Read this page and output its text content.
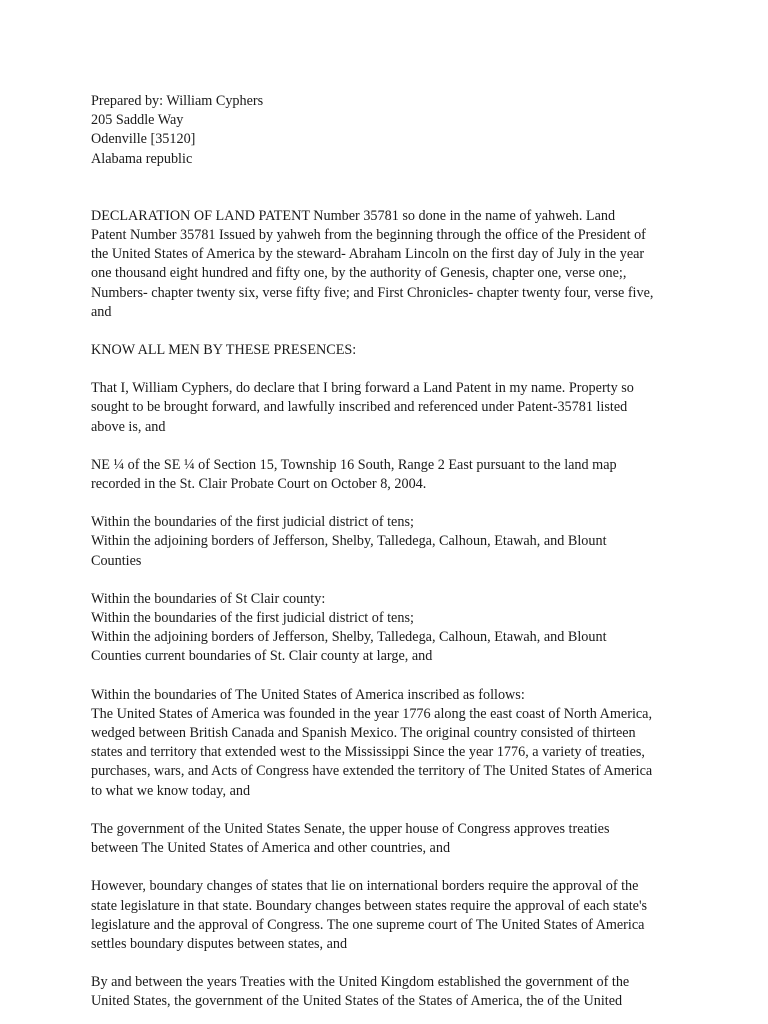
Prepared by: William Cyphers
205 Saddle Way
Odenville [35120]
Alabama republic

DECLARATION OF LAND PATENT Number 35781 so done in the name of yahweh. Land
Patent Number 35781 Issued by yahweh from the beginning through the office of the President of
the United States of America by the steward- Abraham Lincoln on the first day of July in the year
one thousand eight hundred and fifty one, by the authority of Genesis, chapter one, verse one;,
Numbers- chapter twenty six, verse fifty five; and First Chronicles- chapter twenty four, verse five,
and

KNOW ALL MEN BY THESE PRESENCES:

That I, William Cyphers, do declare that I bring forward a Land Patent in my name. Property so
sought to be brought forward, and lawfully inscribed and referenced under Patent-35781 listed
above is, and

NE ¼ of the SE ¼ of Section 15, Township 16 South, Range 2 East pursuant to the land map
recorded in the St. Clair Probate Court on October 8, 2004.

Within the boundaries of the first judicial district of tens;
Within the adjoining borders of Jefferson, Shelby, Talledega, Calhoun, Etawah, and Blount
Counties

Within the boundaries of St Clair county:
Within the boundaries of the first judicial district of tens;
Within the adjoining borders of Jefferson, Shelby, Talledega, Calhoun, Etawah, and Blount
Counties current boundaries of St. Clair county at large, and

Within the boundaries of The United States of America inscribed as follows:
The United States of America was founded in the year 1776 along the east coast of North America,
wedged between British Canada and Spanish Mexico. The original country consisted of thirteen
states and territory that extended west to the Mississippi Since the year 1776, a variety of treaties,
purchases, wars, and Acts of Congress have extended the territory of The United States of America
to what we know today, and

The government of the United States Senate, the upper house of Congress approves treaties
between The United States of America and other countries, and

However, boundary changes of states that lie on international borders require the approval of the
state legislature in that state. Boundary changes between states require the approval of each state's
legislature and the approval of Congress. The one supreme court of The United States of America
settles boundary disputes between states, and

By and between the years Treaties with the United Kingdom established the government of the
United States, the government of the United States of the States of America, the of the United
